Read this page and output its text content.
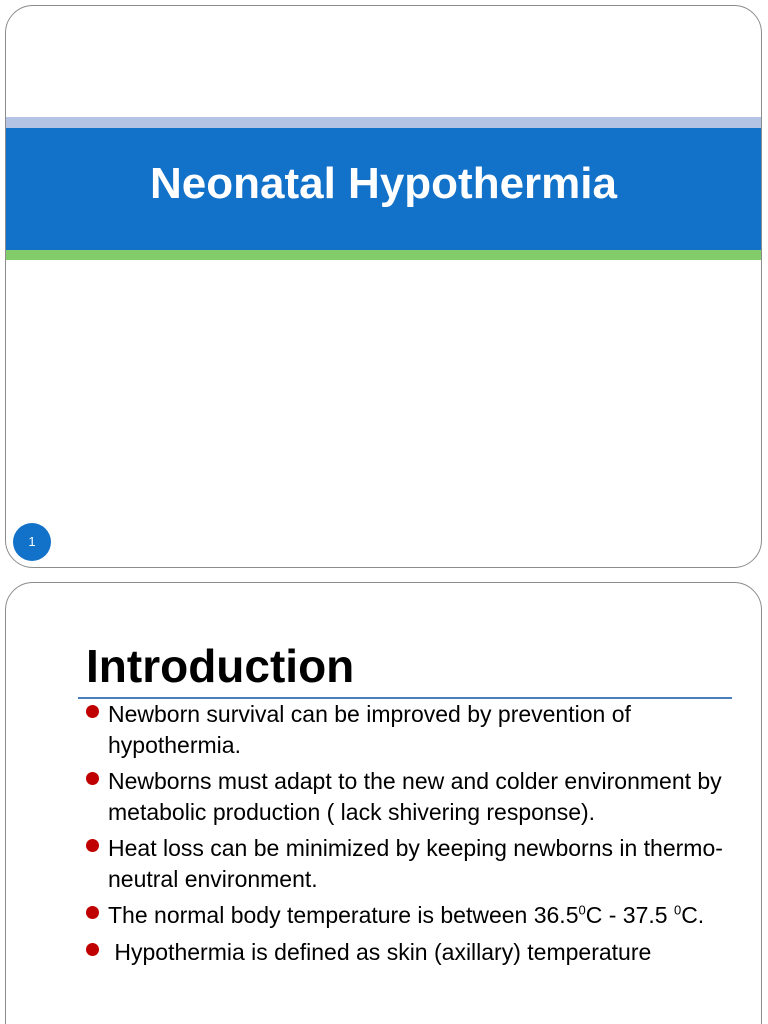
Neonatal Hypothermia
1
Introduction
Newborn survival can be improved by prevention of hypothermia.
Newborns must adapt to the new and colder environment by metabolic production ( lack shivering response).
Heat loss can be minimized by keeping newborns in thermo-neutral environment.
The normal body temperature is between 36.5$^0$C - 37.5 $^0$C.
Hypothermia is defined as skin (axillary) temperature
